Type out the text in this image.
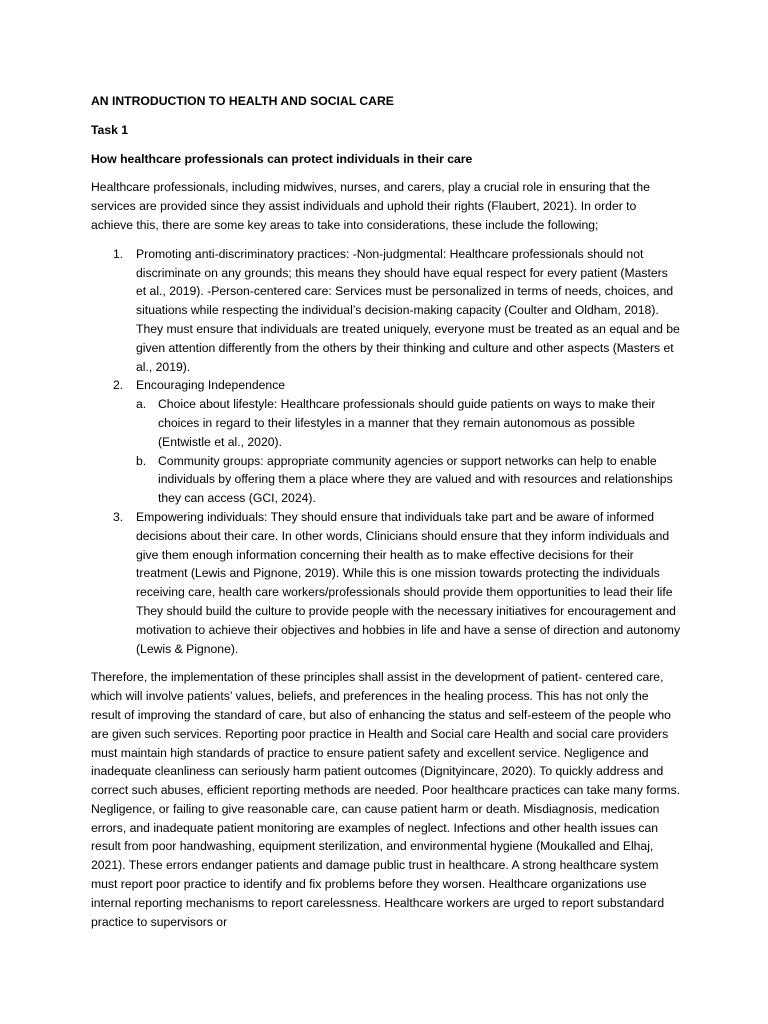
AN INTRODUCTION TO HEALTH AND SOCIAL CARE
Task 1
How healthcare professionals can protect individuals in their care

Healthcare professionals, including midwives, nurses, and carers, play a crucial role in ensuring that the services are provided since they assist individuals and uphold their rights (Flaubert, 2021). In order to achieve this, there are some key areas to take into considerations, these include the following;

1. Promoting anti-discriminatory practices: -Non-judgmental: Healthcare professionals should not discriminate on any grounds; this means they should have equal respect for every patient (Masters et al., 2019). -Person-centered care: Services must be personalized in terms of needs, choices, and situations while respecting the individual’s decision-making capacity (Coulter and Oldham, 2018). They must ensure that individuals are treated uniquely, everyone must be treated as an equal and be given attention differently from the others by their thinking and culture and other aspects (Masters et al., 2019).
2. Encouraging Independence
a. Choice about lifestyle: Healthcare professionals should guide patients on ways to make their choices in regard to their lifestyles in a manner that they remain autonomous as possible (Entwistle et al., 2020).
b. Community groups: appropriate community agencies or support networks can help to enable individuals by offering them a place where they are valued and with resources and relationships they can access (GCI, 2024).
3. Empowering individuals: They should ensure that individuals take part and be aware of informed decisions about their care. In other words, Clinicians should ensure that they inform individuals and give them enough information concerning their health as to make effective decisions for their treatment (Lewis and Pignone, 2019). While this is one mission towards protecting the individuals receiving care, health care workers/professionals should provide them opportunities to lead their life They should build the culture to provide people with the necessary initiatives for encouragement and motivation to achieve their objectives and hobbies in life and have a sense of direction and autonomy (Lewis & Pignone).

Therefore, the implementation of these principles shall assist in the development of patient- centered care, which will involve patients’ values, beliefs, and preferences in the healing process. This has not only the result of improving the standard of care, but also of enhancing the status and self-esteem of the people who are given such services. Reporting poor practice in Health and Social care Health and social care providers must maintain high standards of practice to ensure patient safety and excellent service. Negligence and inadequate cleanliness can seriously harm patient outcomes (Dignityincare, 2020). To quickly address and correct such abuses, efficient reporting methods are needed. Poor healthcare practices can take many forms. Negligence, or failing to give reasonable care, can cause patient harm or death. Misdiagnosis, medication errors, and inadequate patient monitoring are examples of neglect. Infections and other health issues can result from poor handwashing, equipment sterilization, and environmental hygiene (Moukalled and Elhaj, 2021). These errors endanger patients and damage public trust in healthcare. A strong healthcare system must report poor practice to identify and fix problems before they worsen. Healthcare organizations use internal reporting mechanisms to report carelessness. Healthcare workers are urged to report substandard practice to supervisors or
